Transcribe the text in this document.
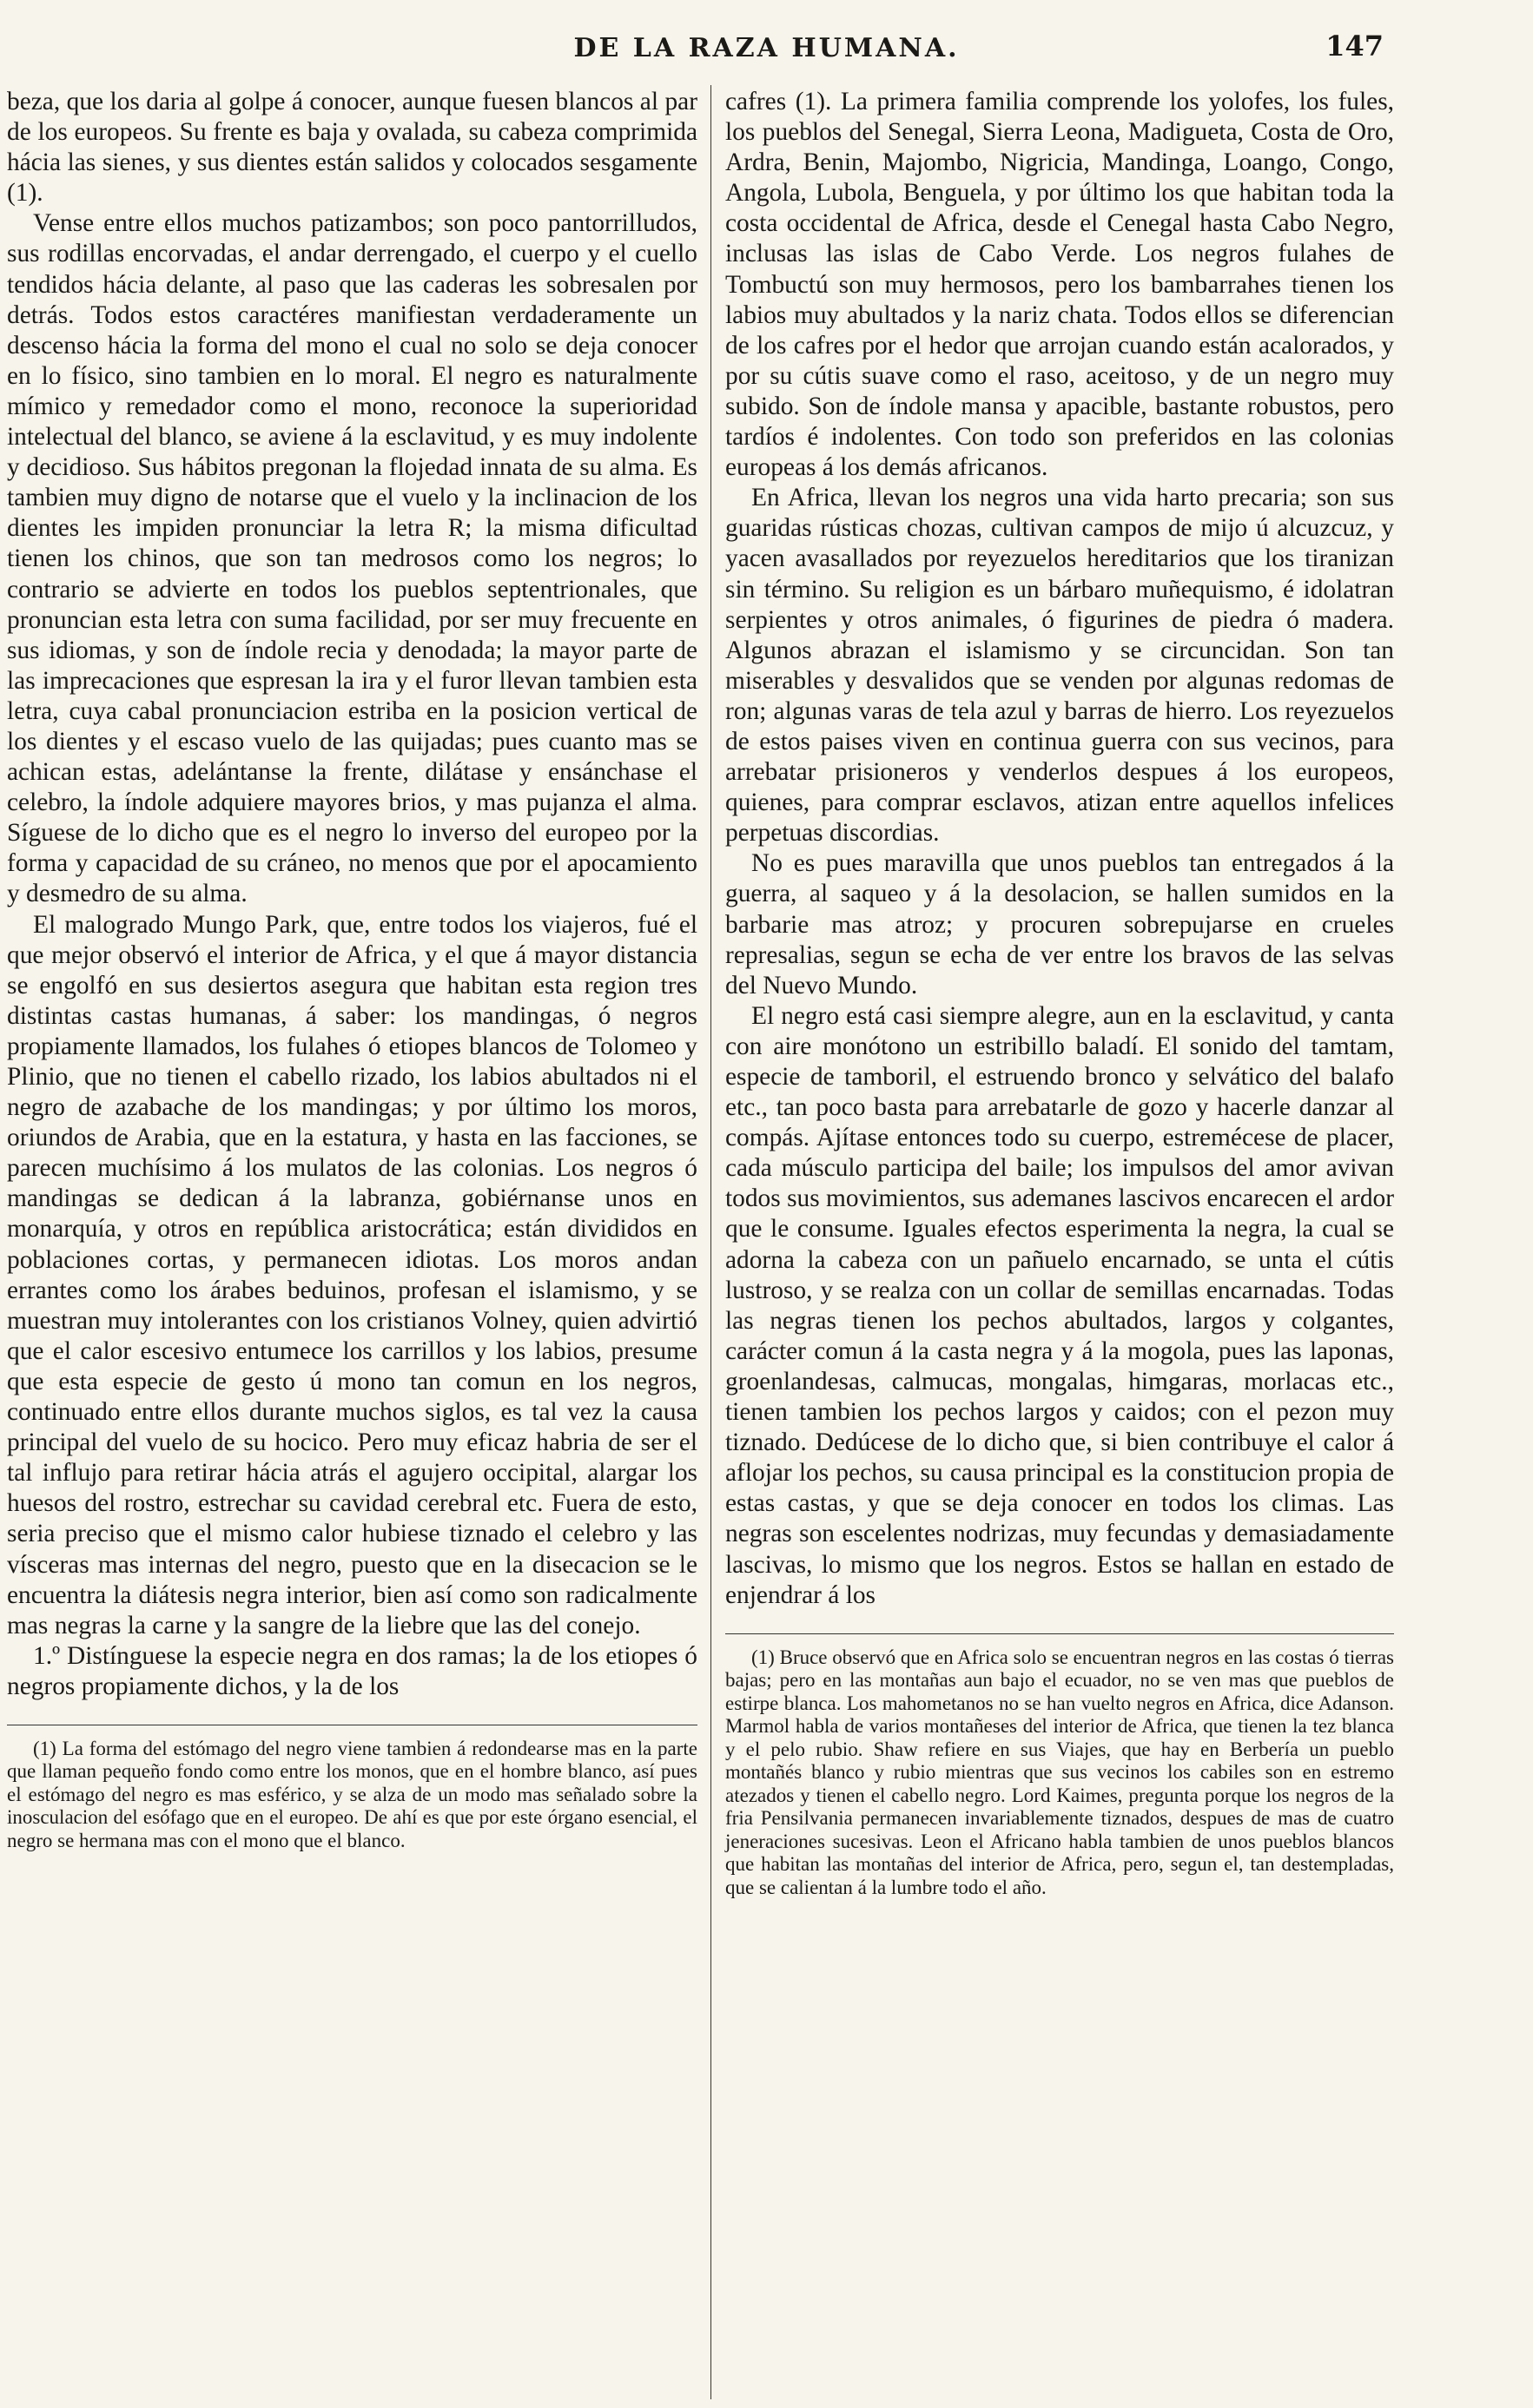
DE LA RAZA HUMANA.	147

beza, que los daria al golpe á conocer, aunque fuesen blancos al par de los europeos. Su frente es baja y ovalada, su cabeza comprimida hácia las sienes, y sus dientes están salidos y colocados sesgamente (1).

Vense entre ellos muchos patizambos; son poco pantorrilludos, sus rodillas encorvadas, el andar derrengado, el cuerpo y el cuello tendidos hácia delante, al paso que las caderas les sobresalen por detrás. Todos estos caractéres manifiestan verdaderamente un descenso hácia la forma del mono el cual no solo se deja conocer en lo físico, sino tambien en lo moral. El negro es naturalmente mímico y remedador como el mono, reconoce la superioridad intelectual del blanco, se aviene á la esclavitud, y es muy indolente y decidioso. Sus hábitos pregonan la flojedad innata de su alma. Es tambien muy digno de notarse que el vuelo y la inclinacion de los dientes les impiden pronunciar la letra R; la misma dificultad tienen los chinos, que son tan medrosos como los negros; lo contrario se advierte en todos los pueblos septentrionales, que pronuncian esta letra con suma facilidad, por ser muy frecuente en sus idiomas, y son de índole recia y denodada; la mayor parte de las imprecaciones que espresan la ira y el furor llevan tambien esta letra, cuya cabal pronunciacion estriba en la posicion vertical de los dientes y el escaso vuelo de las quijadas; pues cuanto mas se achican estas, adelántanse la frente, dilátase y ensánchase el celebro, la índole adquiere mayores brios, y mas pujanza el alma. Síguese de lo dicho que es el negro lo inverso del europeo por la forma y capacidad de su cráneo, no menos que por el apocamiento y desmedro de su alma.

El malogrado Mungo Park, que, entre todos los viajeros, fué el que mejor observó el interior de Africa, y el que á mayor distancia se engolfó en sus desiertos asegura que habitan esta region tres distintas castas humanas, á saber: los mandingas, ó negros propiamente llamados, los fulahes ó etiopes blancos de Tolomeo y Plinio, que no tienen el cabello rizado, los labios abultados ni el negro de azabache de los mandingas; y por último los moros, oriundos de Arabia, que en la estatura, y hasta en las facciones, se parecen muchísimo á los mulatos de las colonias. Los negros ó mandingas se dedican á la labranza, gobiérnanse unos en monarquía, y otros en república aristocrática; están divididos en poblaciones cortas, y permanecen idiotas. Los moros andan errantes como los árabes beduinos, profesan el islamismo, y se muestran muy intolerantes con los cristianos Volney, quien advirtió que el calor escesivo entumece los carrillos y los labios, presume que esta especie de gesto ú mono tan comun en los negros, continuado entre ellos durante muchos siglos, es tal vez la causa principal del vuelo de su hocico. Pero muy eficaz habria de ser el tal influjo para retirar hácia atrás el agujero occipital, alargar los huesos del rostro, estrechar su cavidad cerebral etc. Fuera de esto, seria preciso que el mismo calor hubiese tiznado el celebro y las vísceras mas internas del negro, puesto que en la disecacion se le encuentra la diátesis negra interior, bien así como son radicalmente mas negras la carne y la sangre de la liebre que las del conejo.

1.º Distínguese la especie negra en dos ramas; la de los etiopes ó negros propiamente dichos, y la de los

(1) La forma del estómago del negro viene tambien á redondearse mas en la parte que llaman pequeño fondo como entre los monos, que en el hombre blanco, así pues el estómago del negro es mas esférico, y se alza de un modo mas señalado sobre la inosculacion del esófago que en el europeo. De ahí es que por este órgano esencial, el negro se hermana mas con el mono que el blanco.

cafres (1). La primera familia comprende los yolofes, los fules, los pueblos del Senegal, Sierra Leona, Madigueta, Costa de Oro, Ardra, Benin, Majombo, Nigricia, Mandinga, Loango, Congo, Angola, Lubola, Benguela, y por último los que habitan toda la costa occidental de Africa, desde el Cenegal hasta Cabo Negro, inclusas las islas de Cabo Verde. Los negros fulahes de Tombuctú son muy hermosos, pero los bambarrahes tienen los labios muy abultados y la nariz chata. Todos ellos se diferencian de los cafres por el hedor que arrojan cuando están acalorados, y por su cútis suave como el raso, aceitoso, y de un negro muy subido. Son de índole mansa y apacible, bastante robustos, pero tardíos é indolentes. Con todo son preferidos en las colonias europeas á los demás africanos.

En Africa, llevan los negros una vida harto precaria; son sus guaridas rústicas chozas, cultivan campos de mijo ú alcuzcuz, y yacen avasallados por reyezuelos hereditarios que los tiranizan sin término. Su religion es un bárbaro muñequismo, é idolatran serpientes y otros animales, ó figurines de piedra ó madera. Algunos abrazan el islamismo y se circuncidan. Son tan miserables y desvalidos que se venden por algunas redomas de ron; algunas varas de tela azul y barras de hierro. Los reyezuelos de estos paises viven en continua guerra con sus vecinos, para arrebatar prisioneros y venderlos despues á los europeos, quienes, para comprar esclavos, atizan entre aquellos infelices perpetuas discordias.

No es pues maravilla que unos pueblos tan entregados á la guerra, al saqueo y á la desolacion, se hallen sumidos en la barbarie mas atroz; y procuren sobrepujarse en crueles represalias, segun se echa de ver entre los bravos de las selvas del Nuevo Mundo.

El negro está casi siempre alegre, aun en la esclavitud, y canta con aire monótono un estribillo baladí. El sonido del tamtam, especie de tamboril, el estruendo bronco y selvático del balafo etc., tan poco basta para arrebatarle de gozo y hacerle danzar al compás. Ajítase entonces todo su cuerpo, estremécese de placer, cada músculo participa del baile; los impulsos del amor avivan todos sus movimientos, sus ademanes lascivos encarecen el ardor que le consume. Iguales efectos esperimenta la negra, la cual se adorna la cabeza con un pañuelo encarnado, se unta el cútis lustroso, y se realza con un collar de semillas encarnadas. Todas las negras tienen los pechos abultados, largos y colgantes, carácter comun á la casta negra y á la mogola, pues las laponas, groenlandesas, calmucas, mongalas, himgaras, morlacas etc., tienen tambien los pechos largos y caidos; con el pezon muy tiznado. Dedúcese de lo dicho que, si bien contribuye el calor á aflojar los pechos, su causa principal es la constitucion propia de estas castas, y que se deja conocer en todos los climas. Las negras son escelentes nodrizas, muy fecundas y demasiadamente lascivas, lo mismo que los negros. Estos se hallan en estado de enjendrar á los

(1) Bruce observó que en Africa solo se encuentran negros en las costas ó tierras bajas; pero en las montañas aun bajo el ecuador, no se ven mas que pueblos de estirpe blanca. Los mahometanos no se han vuelto negros en Africa, dice Adanson. Marmol habla de varios montañeses del interior de Africa, que tienen la tez blanca y el pelo rubio. Shaw refiere en sus Viajes, que hay en Berbería un pueblo montañés blanco y rubio mientras que sus vecinos los cabiles son en estremo atezados y tienen el cabello negro. Lord Kaimes, pregunta porque los negros de la fria Pensilvania permanecen invariablemente tiznados, despues de mas de cuatro jeneraciones sucesivas. Leon el Africano habla tambien de unos pueblos blancos que habitan las montañas del interior de Africa, pero, segun el, tan destempladas, que se calientan á la lumbre todo el año.
